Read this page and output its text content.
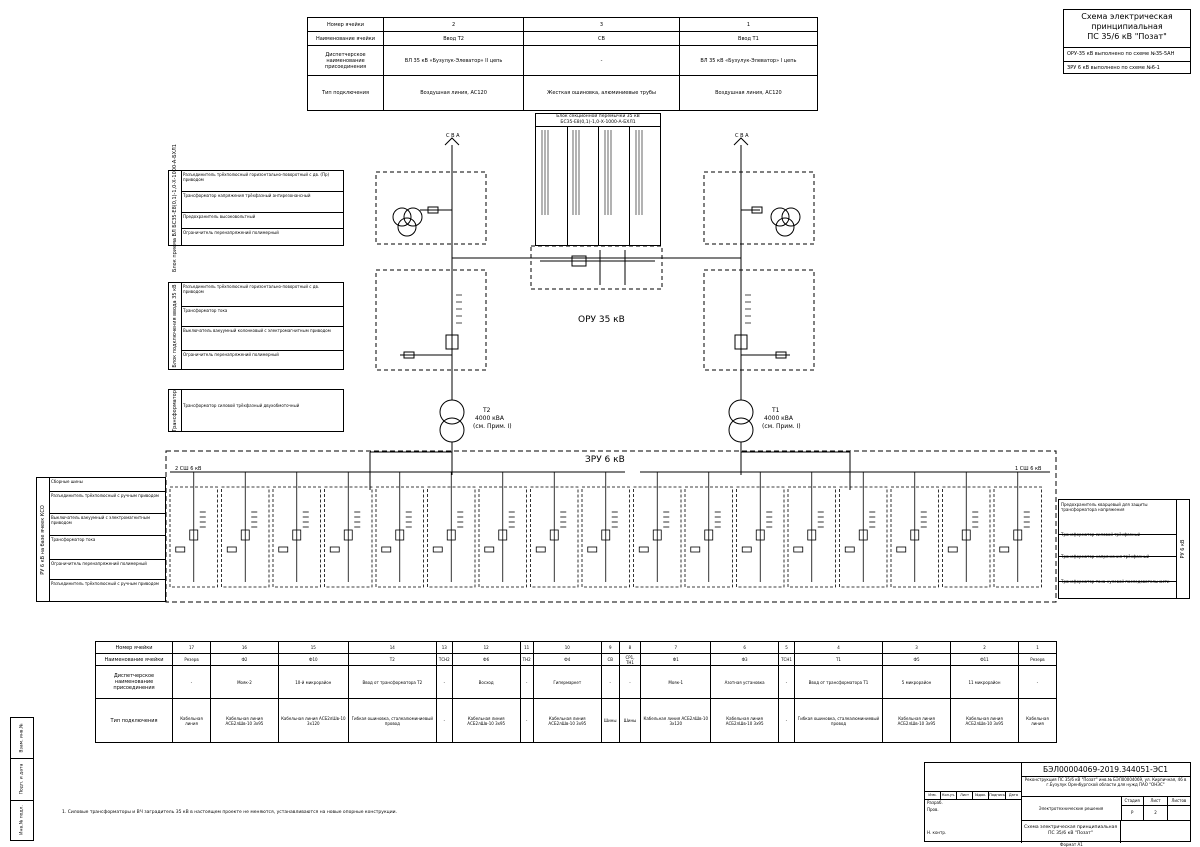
Номер ячейки	2	3	1
Наименование ячейки	Ввод Т2	СВ	Ввод Т1
Диспетчерское наименование присоединения	ВЛ 35 кВ «Бузулук-Элеватор» II цепь	-	ВЛ 35 кВ «Бузулук-Элеватор» I цепь
Тип подключения	Воздушная линия, АС120	Жесткая ошиновка, алюминиевые трубы	Воздушная линия, АС120
Схема электрическая
принципиальная
ПС 35/6 кВ "Позат"
ОРУ-35 кВ выполнено по схеме №35-5АН
ЗРУ 6 кВ выполнено по схеме №6-1
Блок приема ВЛ БСЗ5-Е8(0,1)-1,0-Х-1000-А-БХЛ1	Разъединитель трёхполюсный горизонтально-поворотный с дв. (Пр) приводом
Трансформатор напряжения трёхфазный антирезонансный
Предохранитель высоковольтный
Ограничитель перенапряжений полимерный
Блок подключения ввода 35 кВ	Разъединитель трёхполюсный горизонтально-поворотный с дв. приводом
Трансформатор тока
Выключатель вакуумный колонковый с электромагнитным приводом
Ограничитель перенапряжений полимерный
Трансформатор	Трансформатор силовой трёхфазный двухобмоточный
РУ 6 кВ на базе ячеек КСО
Сборные шины
Разъединитель трёхполюсный с ручным приводом
Выключатель вакуумный с электромагнитным приводом
Трансформатор тока
Ограничитель перенапряжений полимерный
Разъединитель трёхполюсный с ручным приводом
РУ 6 кВ
Предохранитель кварцевый для защиты трансформатора напряжения
Трансформатор силовой трёхфазный
Трансформатор напряжения трёхфазный
Трансформатор тока нулевой последовательности
Блок секционной перемычки 35 кВ
БСЗ5-Е8(0,1)-1,0-Х-1000-А-БХЛ1
С В А	С В А
2 СШ 6 кВ	1 СШ 6 кВ
ОРУ 35 кВ
ЗРУ 6 кВ
Т2
4000 кВА
(см. Прим. I)
Т1
4000 кВА
(см. Прим. I)
Номер ячейки	17	16	15	14	13	12	11	10	9	8	7	6	5	4	3	2	1
Наименование ячейки	Резерв	Ф2	Ф10	Т2	ТСН2	Ф6	ТН2	Ф4	СВ	СР1, ТН1	Ф1	Ф3	ТСН1	Т1	Ф5	Ф11	Резерв
Диспетчерское наименование присоединения	-	Мояк-2	10-й микрорайон	Ввод от трансформатора Т2	-	Восход	-	Гипермаркет	-	-	Мояк-1	Азотная установка	-	Ввод от трансформатора Т1	5 микрорайон	11 микрорайон	-
Тип подключения	Кабельная линия	Кабельная линия АСБ2лШв-10 3х95	Кабельная линия АСБ2лШв-10 3х120	Гибкая ошиновка, сталеалюминиевый провод	-	Кабельная линия АСБ2лШв-10 3х95	-	Кабельная линия АСБ2лШв-10 3х95	Шины	Шины	Кабельная линия АСБ2лШв-10 3х120	Кабельная линия АСБ2лШв-10 3х95	-	Гибкая ошиновка, сталеалюминиевый провод	Кабельная линия АСБ2лШв-10 3х95	Кабельная линия АСБ2лШв-10 3х95	Кабельная линия
1. Силовые трансформаторы и ВЧ заградитель 35 кВ в настоящем проекте не меняются, устанавливаются на новые опорные конструкции.
Взам. инв.№
Подп. и дата
Инв.№ подл.
Изм.	Кол.уч.	Лист	№док. Подпись	Дата
Разраб.
Пров.
Н. контр.
БЭЛ00004069-2019.344051-ЭС1
Реконструкция ПС 35/6 кВ "Позат" инв.№ БЭЛ00004069, ул. Кирпичная, 46 в г.Бузулук Оренбургской области для нужд ПАО "ОНЭС"
Электротехнические решения
Стадия
Р
Лист
2
Листов
Схема электрическая принципиальная ПС 35/6 кВ "Позат"
Формат А1
